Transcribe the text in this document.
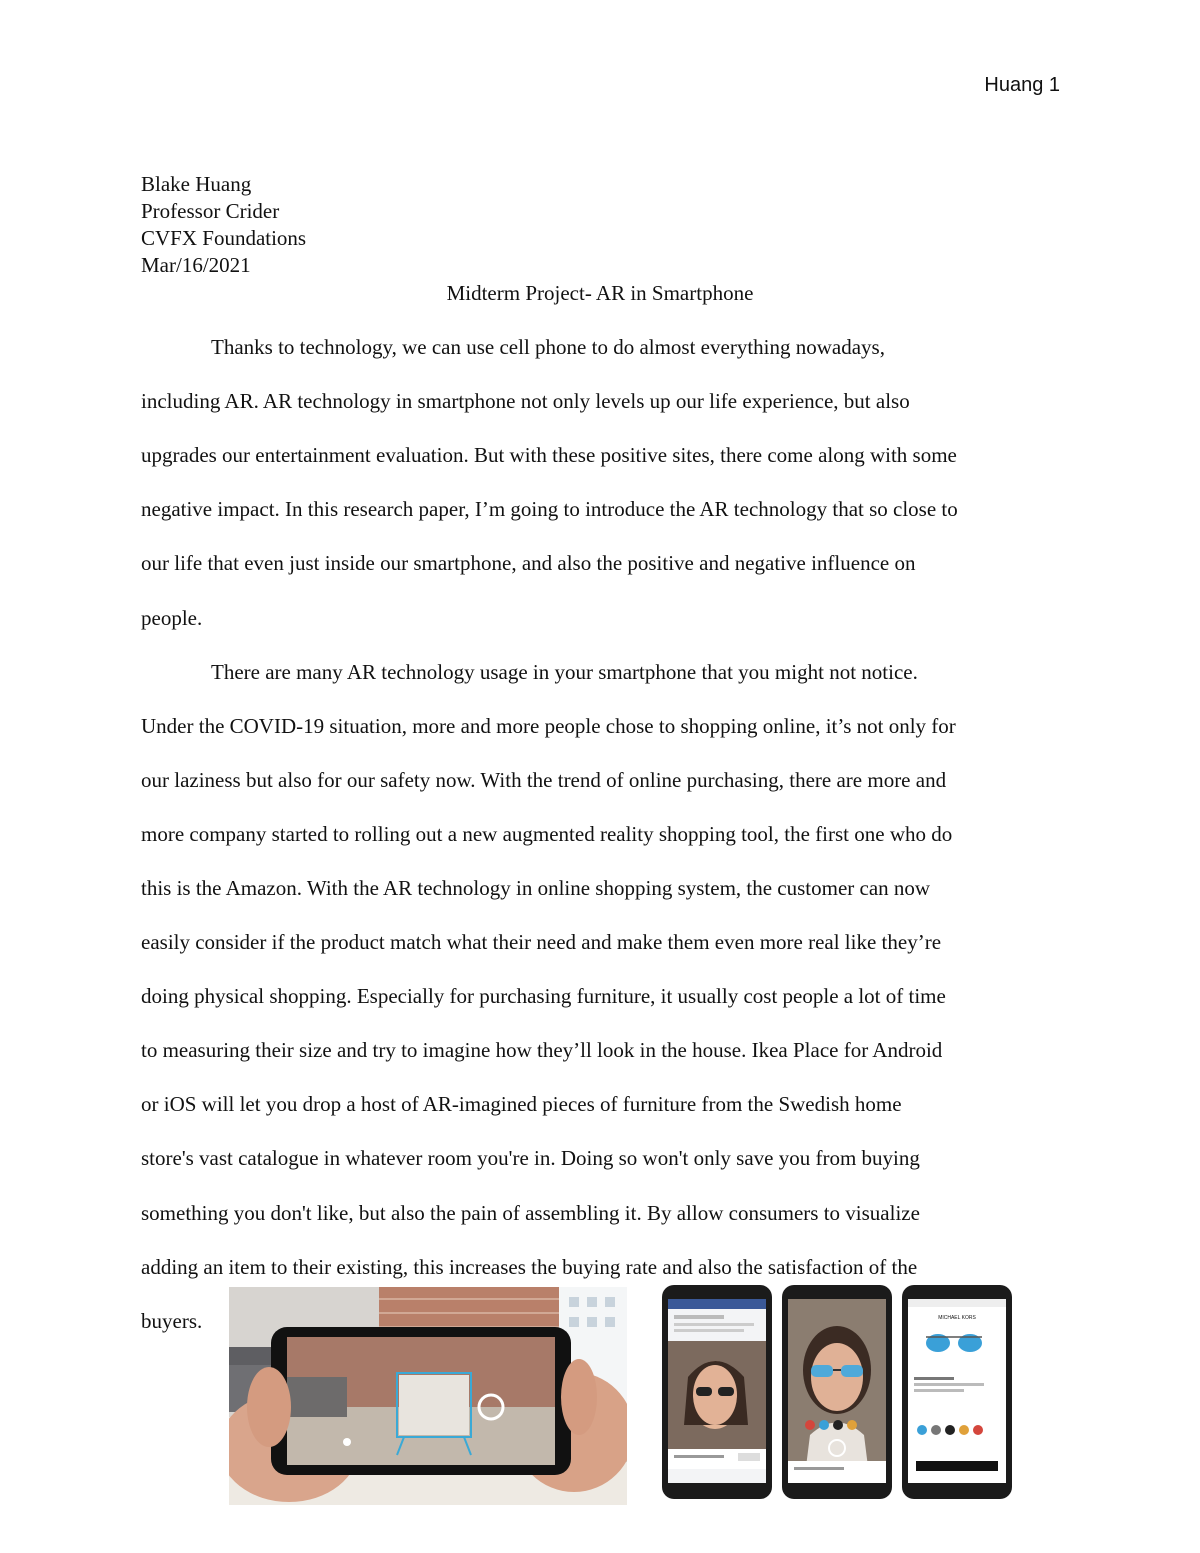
Huang 1
Blake Huang
Professor Crider
CVFX Foundations
Mar/16/2021
Midterm Project- AR in Smartphone
Thanks to technology, we can use cell phone to do almost everything nowadays,
including AR. AR technology in smartphone not only levels up our life experience, but also
upgrades our entertainment evaluation. But with these positive sites, there come along with some
negative impact. In this research paper, I’m going to introduce the AR technology that so close to
our life that even just inside our smartphone, and also the positive and negative influence on
people.
There are many AR technology usage in your smartphone that you might not notice.
Under the COVID-19 situation, more and more people chose to shopping online, it’s not only for
our laziness but also for our safety now. With the trend of online purchasing, there are more and
more company started to rolling out a new augmented reality shopping tool, the first one who do
this is the Amazon. With the AR technology in online shopping system, the customer can now
easily consider if the product match what their need and make them even more real like they’re
doing physical shopping. Especially for purchasing furniture, it usually cost people a lot of time
to measuring their size and try to imagine how they’ll look in the house. Ikea Place for Android
or iOS will let you drop a host of AR-imagined pieces of furniture from the Swedish home
store's vast catalogue in whatever room you're in. Doing so won't only save you from buying
something you don't like, but also the pain of assembling it. By allow consumers to visualize
adding an item to their existing, this increases the buying rate and also the satisfaction of the
buyers.	MICHAEL KORS
